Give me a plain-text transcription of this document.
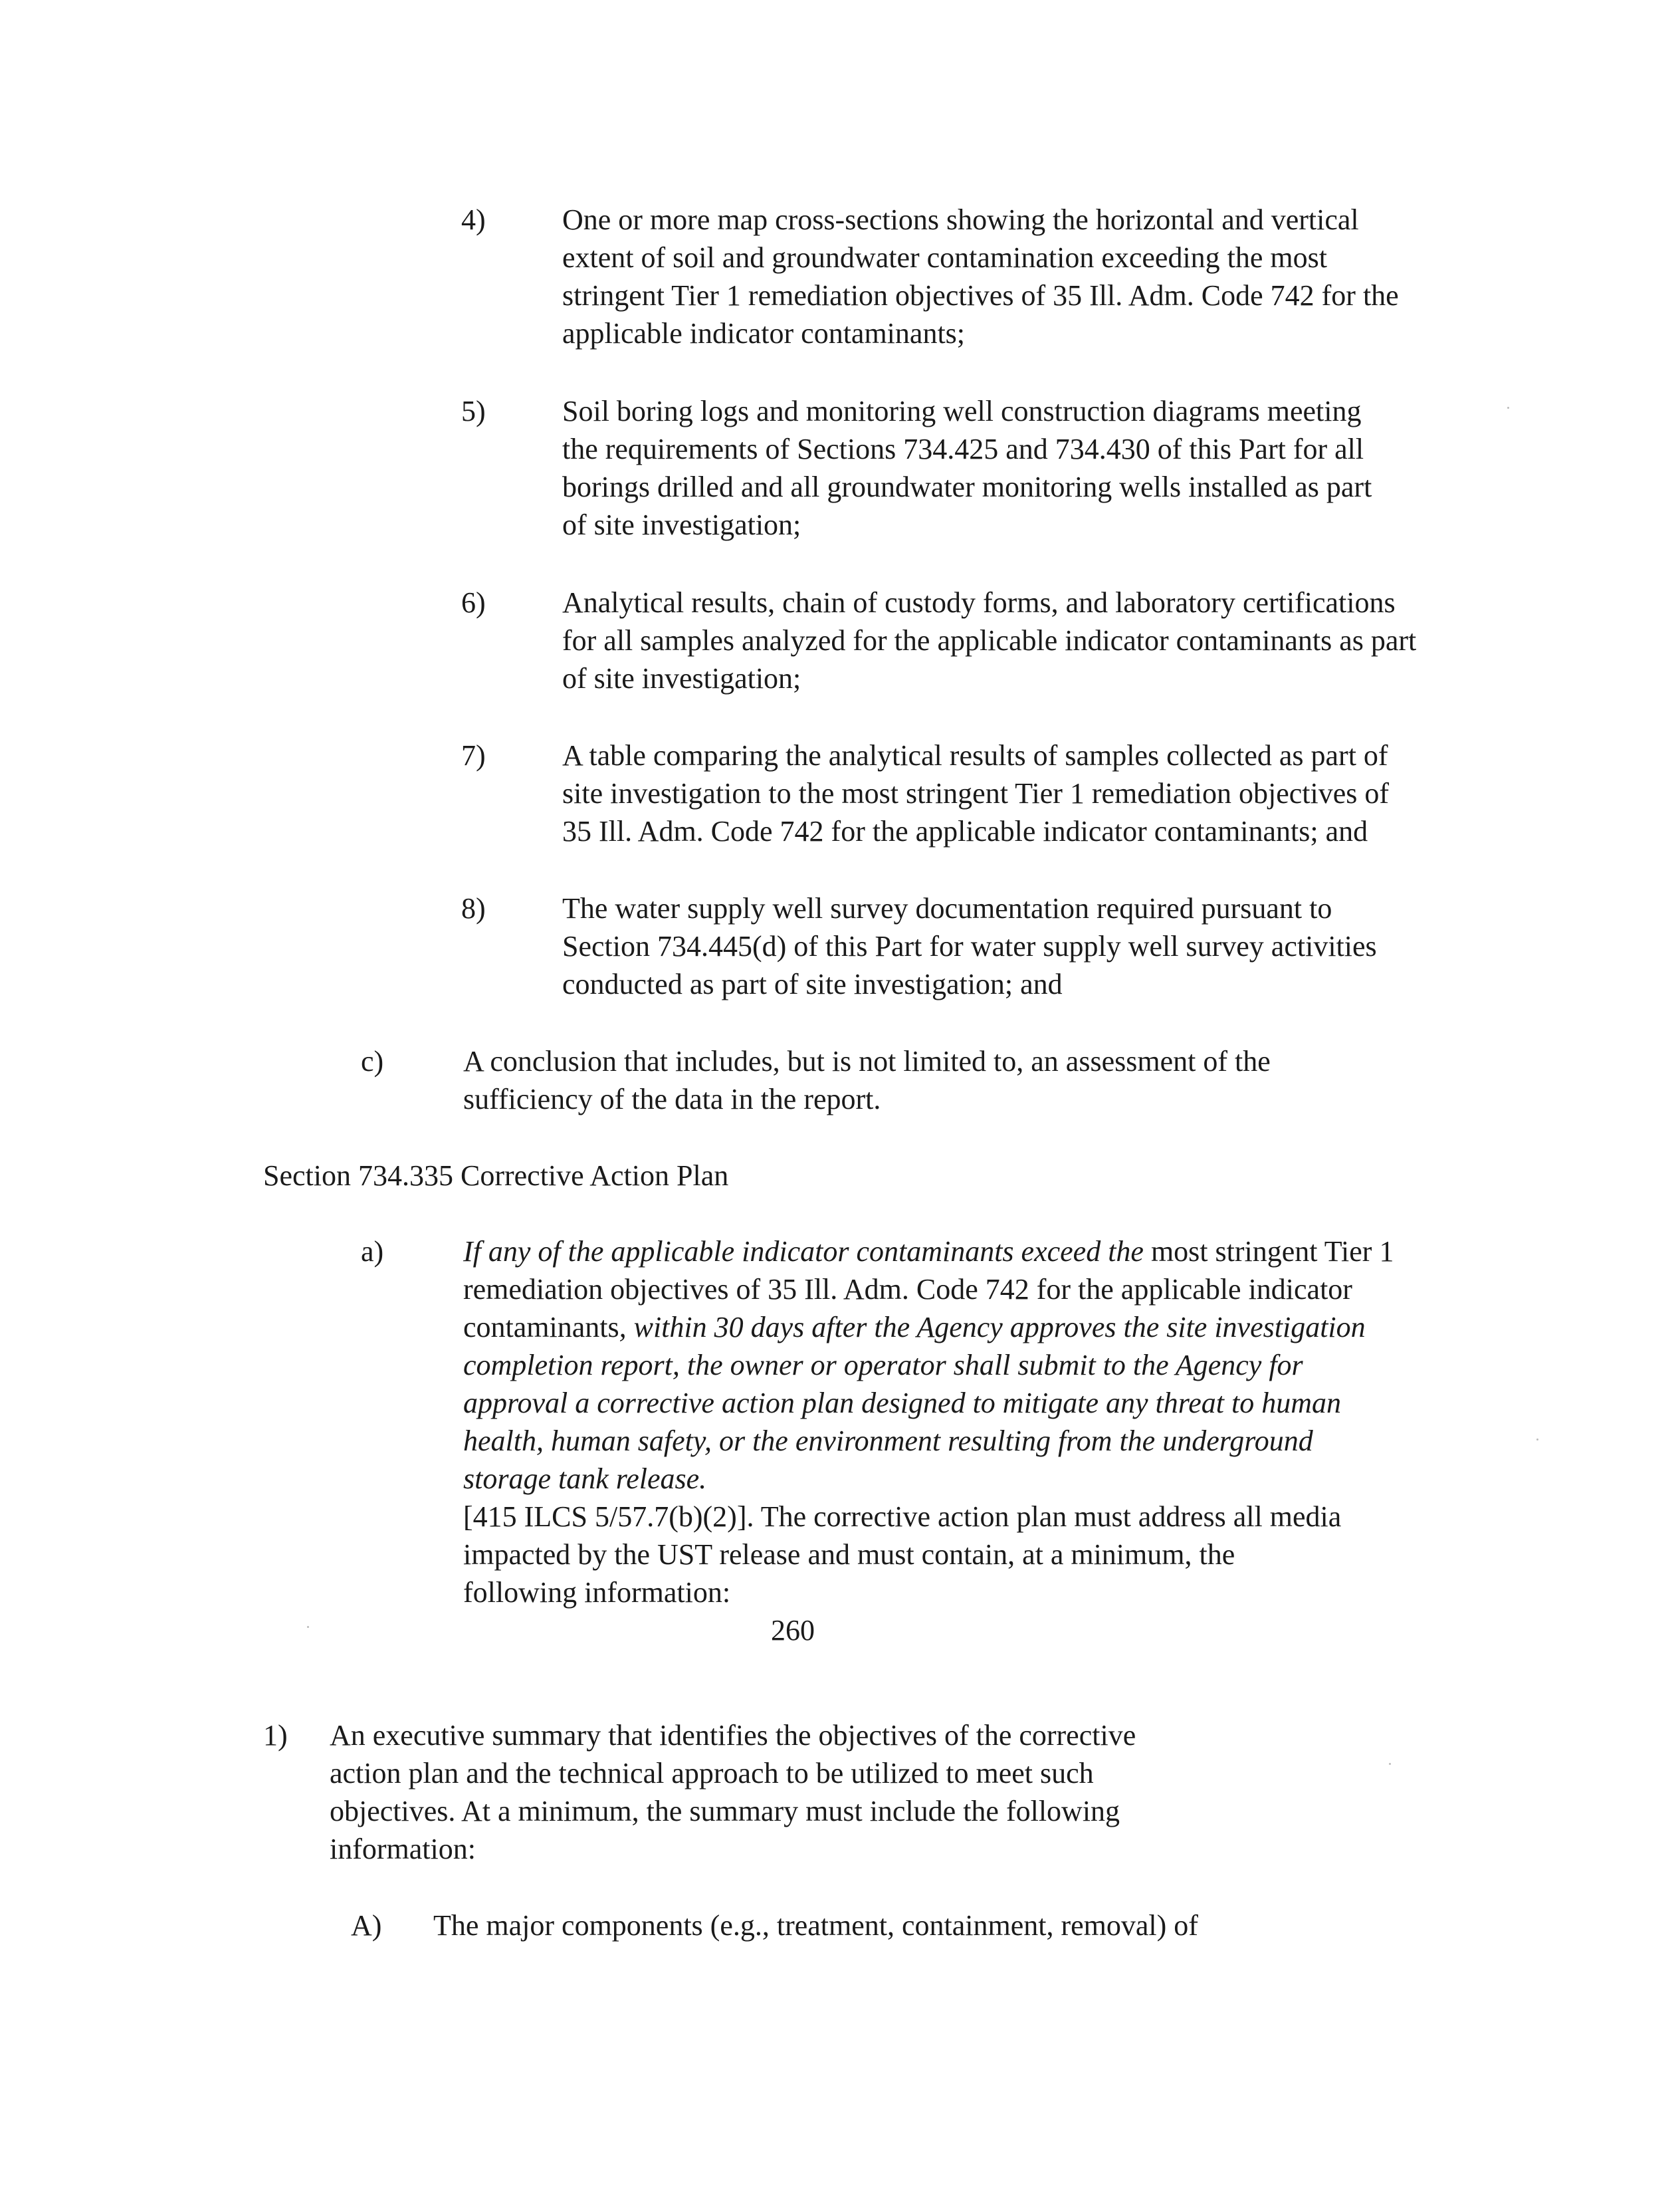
4)	One or more map cross-sections showing the horizontal and vertical
extent of soil and groundwater contamination exceeding the most
stringent Tier 1 remediation objectives of 35 Ill. Adm. Code 742 for the
applicable indicator contaminants;
5)	Soil boring logs and monitoring well construction diagrams meeting
the requirements of Sections 734.425 and 734.430 of this Part for all
borings drilled and all groundwater monitoring wells installed as part
of site investigation;
6)	Analytical results, chain of custody forms, and laboratory certifications
for all samples analyzed for the applicable indicator contaminants as part
of site investigation;
7)	A table comparing the analytical results of samples collected as part of
site investigation to the most stringent Tier 1 remediation objectives of
35 Ill. Adm. Code 742 for the applicable indicator contaminants; and
8)	The water supply well survey documentation required pursuant to
Section 734.445(d) of this Part for water supply well survey activities
conducted as part of site investigation; and
c)	A conclusion that includes, but is not limited to, an assessment of the
sufficiency of the data in the report.
Section 734.335 Corrective Action Plan
a)	If any of the applicable indicator contaminants exceed the most stringent Tier 1
remediation objectives of 35 Ill. Adm. Code 742 for the applicable indicator
contaminants, within 30 days after the Agency approves the site investigation
completion report, the owner or operator shall submit to the Agency for
approval a corrective action plan designed to mitigate any threat to human
health, human safety, or the environment resulting from the underground
storage tank release.
[415 ILCS 5/57.7(b)(2)]. The corrective action plan must address all media
impacted by the UST release and must contain, at a minimum, the
following information:
260
1) An executive summary that identifies the objectives of the corrective
action plan and the technical approach to be utilized to meet such
objectives. At a minimum, the summary must include the following
information:
A) The major components (e.g., treatment, containment, removal) of
